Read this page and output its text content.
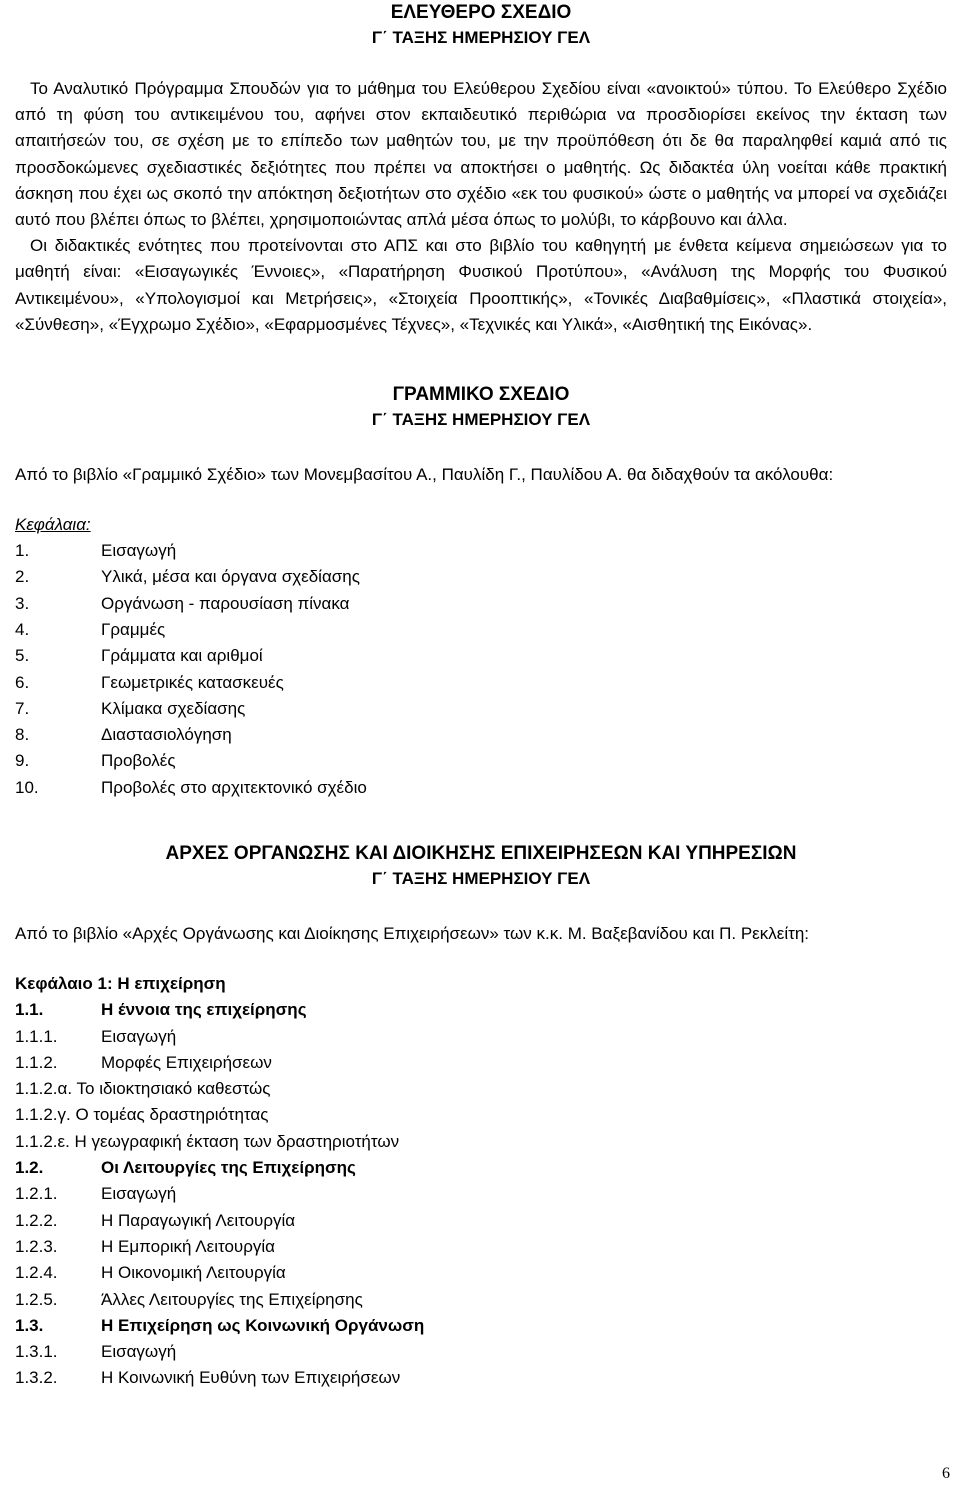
ΕΛΕΥΘΕΡΟ ΣΧΕΔΙΟ
Γ΄ ΤΑΞΗΣ ΗΜΕΡΗΣΙΟΥ ΓΕΛ

Το Αναλυτικό Πρόγραμμα Σπουδών για το μάθημα του Ελεύθερου Σχεδίου είναι «ανοικτού» τύπου. Το Ελεύθερο Σχέδιο από τη φύση του αντικειμένου του, αφήνει στον εκπαιδευτικό περιθώρια να προσδιορίσει εκείνος την έκταση των απαιτήσεών του, σε σχέση με το επίπεδο των μαθητών του, με την προϋπόθεση ότι δε θα παραληφθεί καμιά από τις προσδοκώμενες σχεδιαστικές δεξιότητες που πρέπει να αποκτήσει ο μαθητής. Ως διδακτέα ύλη νοείται κάθε πρακτική άσκηση που έχει ως σκοπό την απόκτηση δεξιοτήτων στο σχέδιο «εκ του φυσικού» ώστε ο μαθητής να μπορεί να σχεδιάζει αυτό που βλέπει όπως το βλέπει, χρησιμοποιώντας απλά μέσα όπως το μολύβι, το κάρβουνο και άλλα.

Οι διδακτικές ενότητες που προτείνονται στο ΑΠΣ και στο βιβλίο του καθηγητή με ένθετα κείμενα σημειώσεων για το μαθητή είναι: «Εισαγωγικές Έννοιες», «Παρατήρηση Φυσικού Προτύπου», «Ανάλυση της Μορφής του Φυσικού Αντικειμένου», «Υπολογισμοί και Μετρήσεις», «Στοιχεία Προοπτικής», «Τονικές Διαβαθμίσεις», «Πλαστικά στοιχεία», «Σύνθεση», «Έγχρωμο Σχέδιο», «Εφαρμοσμένες Τέχνες», «Τεχνικές και Υλικά», «Αισθητική της Εικόνας».

ΓΡΑΜΜΙΚΟ ΣΧΕΔΙΟ
Γ΄ ΤΑΞΗΣ ΗΜΕΡΗΣΙΟΥ ΓΕΛ

Από το βιβλίο «Γραμμικό Σχέδιο» των Μονεμβασίτου Α., Παυλίδη Γ., Παυλίδου Α. θα διδαχθούν τα ακόλουθα:

Κεφάλαια:
1.	Εισαγωγή
2.	Υλικά, μέσα και όργανα σχεδίασης
3.	Οργάνωση - παρουσίαση πίνακα
4.	Γραμμές
5.	Γράμματα και αριθμοί
6.	Γεωμετρικές κατασκευές
7.	Κλίμακα σχεδίασης
8.	Διαστασιολόγηση
9.	Προβολές
10.	Προβολές στο αρχιτεκτονικό σχέδιο
ΑΡΧΕΣ ΟΡΓΑΝΩΣΗΣ ΚΑΙ ΔΙΟΙΚΗΣΗΣ ΕΠΙΧΕΙΡΗΣΕΩΝ ΚΑΙ ΥΠΗΡΕΣΙΩΝ
Γ΄ ΤΑΞΗΣ ΗΜΕΡΗΣΙΟΥ ΓΕΛ

Από το βιβλίο «Αρχές Οργάνωσης και Διοίκησης Επιχειρήσεων» των κ.κ. Μ. Βαξεβανίδου και Π. Ρεκλείτη:

Κεφάλαιο 1: Η επιχείρηση
1.1.	Η έννοια της επιχείρησης
1.1.1.	Εισαγωγή
1.1.2.	Μορφές Επιχειρήσεων
1.1.2.α. Το ιδιοκτησιακό καθεστώς
1.1.2.γ. Ο τομέας δραστηριότητας
1.1.2.ε. Η γεωγραφική έκταση των δραστηριοτήτων
1.2.	Οι Λειτουργίες της Επιχείρησης
1.2.1.	Εισαγωγή
1.2.2.	Η Παραγωγική Λειτουργία
1.2.3.	Η Εμπορική Λειτουργία
1.2.4.	Η Οικονομική Λειτουργία
1.2.5.	Άλλες Λειτουργίες της Επιχείρησης
1.3.	Η Επιχείρηση ως Κοινωνική Οργάνωση
1.3.1.	Εισαγωγή
1.3.2.	Η Κοινωνική Ευθύνη των Επιχειρήσεων
6
